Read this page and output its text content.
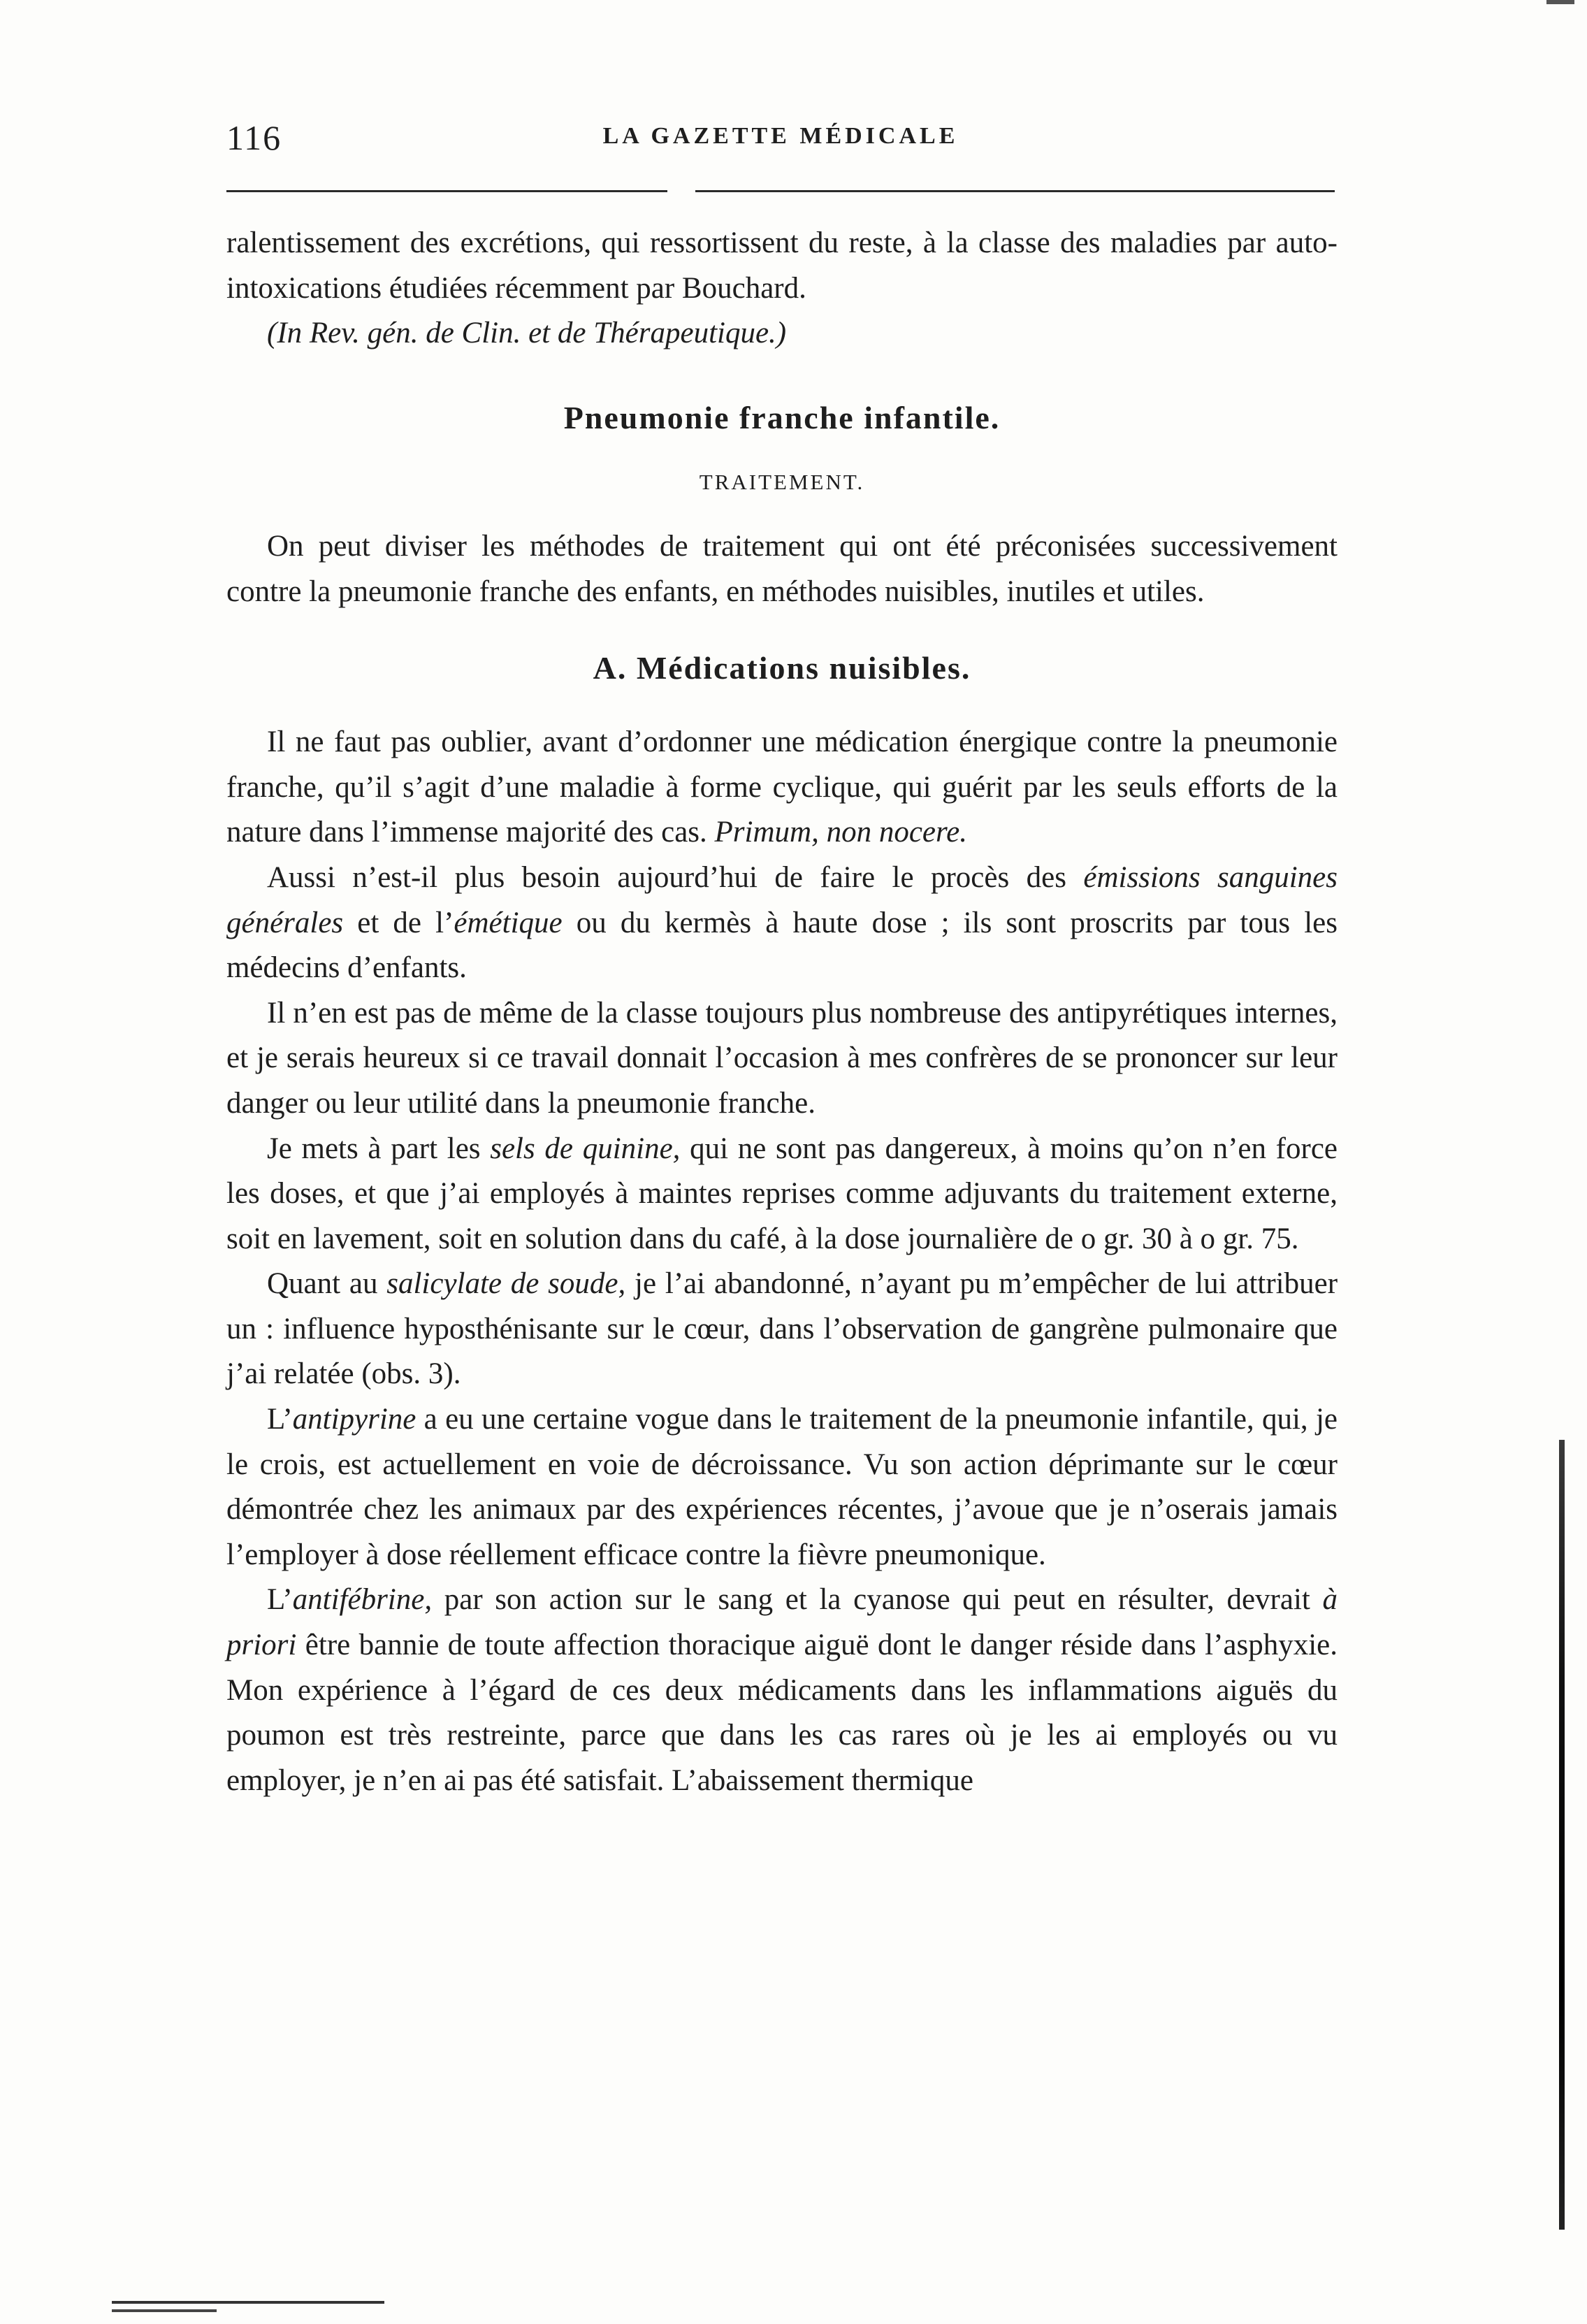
116	LA GAZETTE MÉDICALE

ralentissement des excrétions, qui ressortissent du reste, à la classe des maladies par auto-intoxications étudiées récemment par Bouchard.

(In Rev. gén. de Clin. et de Thérapeutique.)

Pneumonie franche infantile.
TRAITEMENT.

On peut diviser les méthodes de traitement qui ont été préconisées successivement contre la pneumonie franche des enfants, en méthodes nuisibles, inutiles et utiles.

A. Médications nuisibles.

Il ne faut pas oublier, avant d’ordonner une médication énergique contre la pneumonie franche, qu’il s’agit d’une maladie à forme cyclique, qui guérit par les seuls efforts de la nature dans l’immense majorité des cas. Primum, non nocere.

Aussi n’est-il plus besoin aujourd’hui de faire le procès des émissions sanguines générales et de l’émétique ou du kermès à haute dose ; ils sont proscrits par tous les médecins d’enfants.

Il n’en est pas de même de la classe toujours plus nombreuse des antipyrétiques internes, et je serais heureux si ce travail donnait l’occasion à mes confrères de se prononcer sur leur danger ou leur utilité dans la pneumonie franche.

Je mets à part les sels de quinine, qui ne sont pas dangereux, à moins qu’on n’en force les doses, et que j’ai employés à maintes reprises comme adjuvants du traitement externe, soit en lavement, soit en solution dans du café, à la dose journalière de o gr. 30 à o gr. 75.

Quant au salicylate de soude, je l’ai abandonné, n’ayant pu m’empêcher de lui attribuer un : influence hyposthénisante sur le cœur, dans l’observation de gangrène pulmonaire que j’ai relatée (obs. 3).

L’antipyrine a eu une certaine vogue dans le traitement de la pneumonie infantile, qui, je le crois, est actuellement en voie de décroissance. Vu son action déprimante sur le cœur démontrée chez les animaux par des expériences récentes, j’avoue que je n’oserais jamais l’employer à dose réellement efficace contre la fièvre pneumonique.

L’antifébrine, par son action sur le sang et la cyanose qui peut en résulter, devrait à priori être bannie de toute affection thoracique aiguë dont le danger réside dans l’asphyxie. Mon expérience à l’égard de ces deux médicaments dans les inflammations aiguës du poumon est très restreinte, parce que dans les cas rares où je les ai employés ou vu employer, je n’en ai pas été satisfait. L’abaissement thermique
